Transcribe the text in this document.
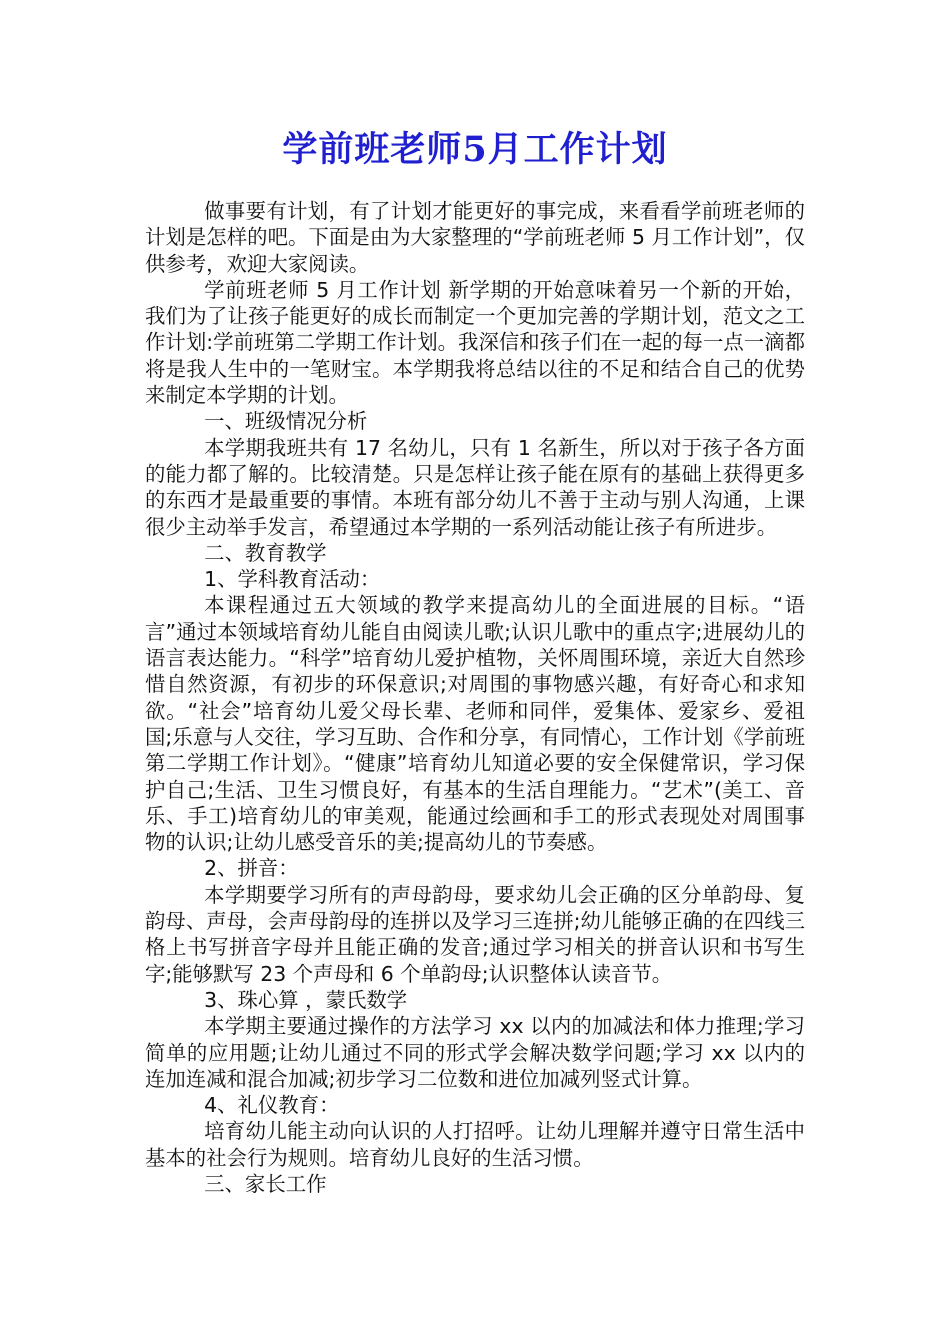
学前班老师5月工作计划

做事要有计划，有了计划才能更好的事完成，来看看学前班老师的计划是怎样的吧。下面是由为大家整理的“学前班老师 5 月工作计划”，仅供参考，欢迎大家阅读。

学前班老师 5 月工作计划 新学期的开始意味着另一个新的开始，我们为了让孩子能更好的成长而制定一个更加完善的学期计划，范文之工作计划:学前班第二学期工作计划。我深信和孩子们在一起的每一点一滴都将是我人生中的一笔财宝。本学期我将总结以往的不足和结合自己的优势来制定本学期的计划。

一、班级情况分析

本学期我班共有 17 名幼儿，只有 1 名新生，所以对于孩子各方面的能力都了解的。比较清楚。只是怎样让孩子能在原有的基础上获得更多的东西才是最重要的事情。本班有部分幼儿不善于主动与别人沟通，上课很少主动举手发言，希望通过本学期的一系列活动能让孩子有所进步。

二、教育教学

1、学科教育活动：

本课程通过五大领域的教学来提高幼儿的全面进展的目标。“语言”通过本领域培育幼儿能自由阅读儿歌;认识儿歌中的重点字;进展幼儿的语言表达能力。“科学”培育幼儿爱护植物，关怀周围环境，亲近大自然珍惜自然资源，有初步的环保意识;对周围的事物感兴趣，有好奇心和求知欲。“社会”培育幼儿爱父母长辈、老师和同伴，爱集体、爱家乡、爱祖国;乐意与人交往，学习互助、合作和分享，有同情心，工作计划《学前班第二学期工作计划》。“健康”培育幼儿知道必要的安全保健常识，学习保护自己;生活、卫生习惯良好，有基本的生活自理能力。“艺术”(美工、音乐、手工)培育幼儿的审美观，能通过绘画和手工的形式表现处对周围事物的认识;让幼儿感受音乐的美;提高幼儿的节奏感。

2、拼音：

本学期要学习所有的声母韵母，要求幼儿会正确的区分单韵母、复韵母、声母，会声母韵母的连拼以及学习三连拼;幼儿能够正确的在四线三格上书写拼音字母并且能正确的发音;通过学习相关的拼音认识和书写生字;能够默写 23 个声母和 6 个单韵母;认识整体认读音节。

3、珠心算 ，蒙氏数学

本学期主要通过操作的方法学习 xx 以内的加减法和体力推理;学习简单的应用题;让幼儿通过不同的形式学会解决数学问题;学习 xx 以内的连加连减和混合加减;初步学习二位数和进位加减列竖式计算。

4、礼仪教育：

培育幼儿能主动向认识的人打招呼。让幼儿理解并遵守日常生活中基本的社会行为规则。培育幼儿良好的生活习惯。

三、家长工作
